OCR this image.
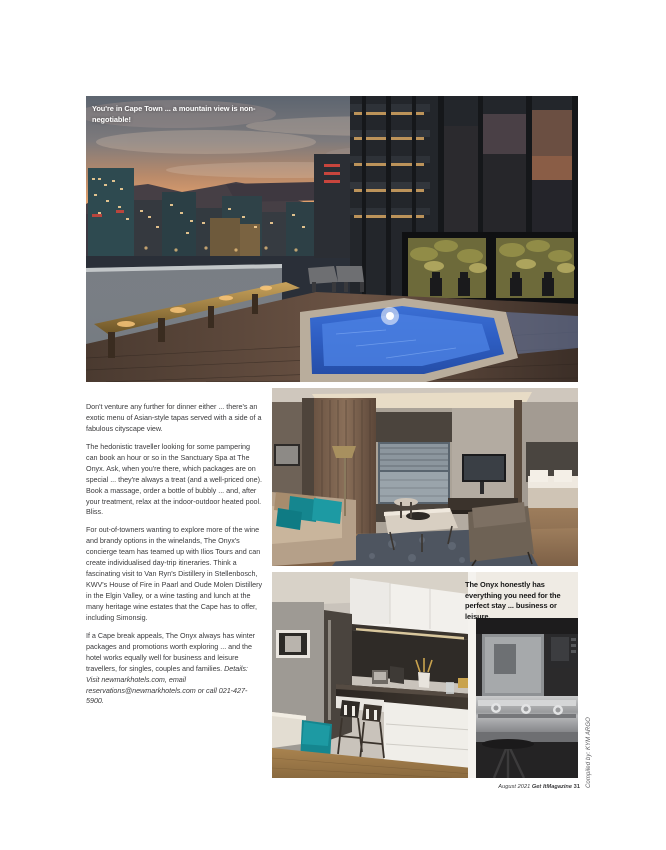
You're in Cape Town ... a mountain view is non-negotiable!
The Onyx honestly has everything you need for the perfect stay ... business or leisure.

Don't venture any further for dinner either ... there's an exotic menu of Asian-style tapas served with a side of a fabulous cityscape view.

The hedonistic traveller looking for some pampering can book an hour or so in the Sanctuary Spa at The Onyx. Ask, when you're there, which packages are on special ... they're always a treat (and a well-priced one). Book a massage, order a bottle of bubbly ... and, after your treatment, relax at the indoor-outdoor heated pool. Bliss.

For out-of-towners wanting to explore more of the wine and brandy options in the winelands, The Onyx's concierge team has teamed up with Ilios Tours and can create individualised day-trip itineraries. Think a fascinating visit to Van Ryn's Distillery in Stellenbosch, KWV's House of Fire in Paarl and Oude Molen Distillery in the Elgin Valley, or a wine tasting and lunch at the many heritage wine estates that the Cape has to offer, including Simonsig.

If a Cape break appeals, The Onyx always has winter packages and promotions worth exploring ... and the hotel works equally well for business and leisure travellers, for singles, couples and families. Details: Visit newmarkhotels.com, email reservations@newmarkhotels.com or call 021-427-5900.

August 2021 Get ItMagazine 31 Compiled by: KYM ARGO
